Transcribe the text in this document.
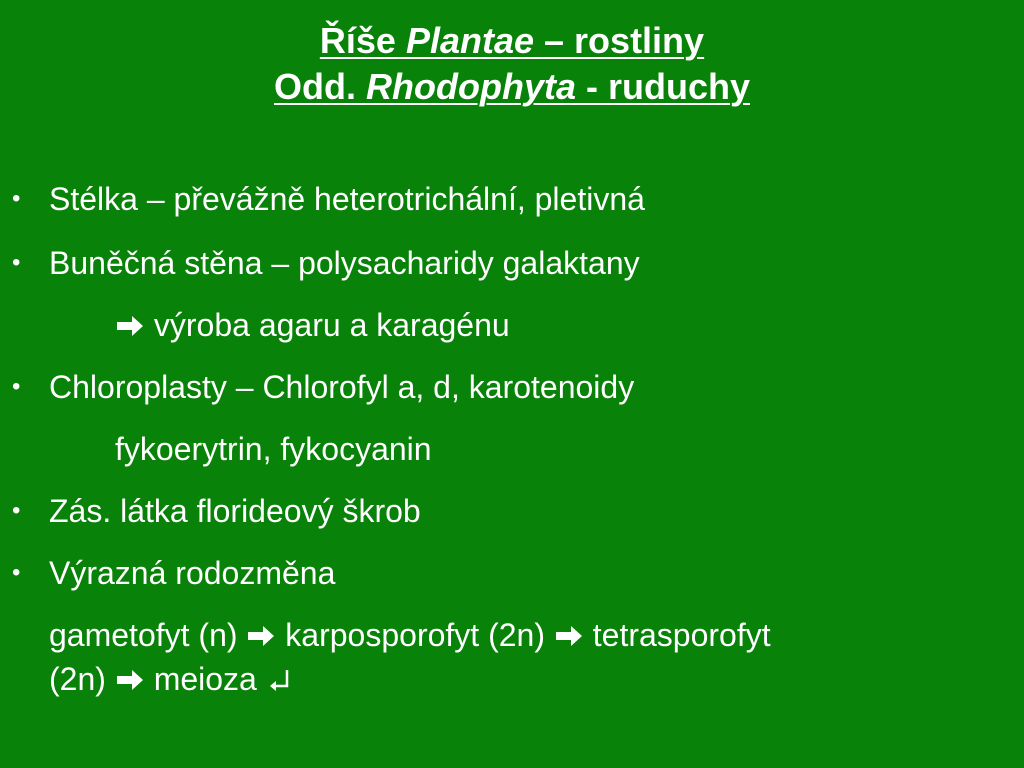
Říše Plantae – rostliny
Odd. Rhodophyta - ruduchy
• Stélka – převážně heterotrichální, pletivná
• Buněčná stěna – polysacharidy galaktany
výroba agaru a karagénu
• Chloroplasty – Chlorofyl a, d, karotenoidy
fykoerytrin, fykocyanin
• Zás. látka florideový škrob
• Výrazná rodozměna
gametofyt (n)
karposporofyt (2n)
tetrasporofyt
(2n)
meioza
